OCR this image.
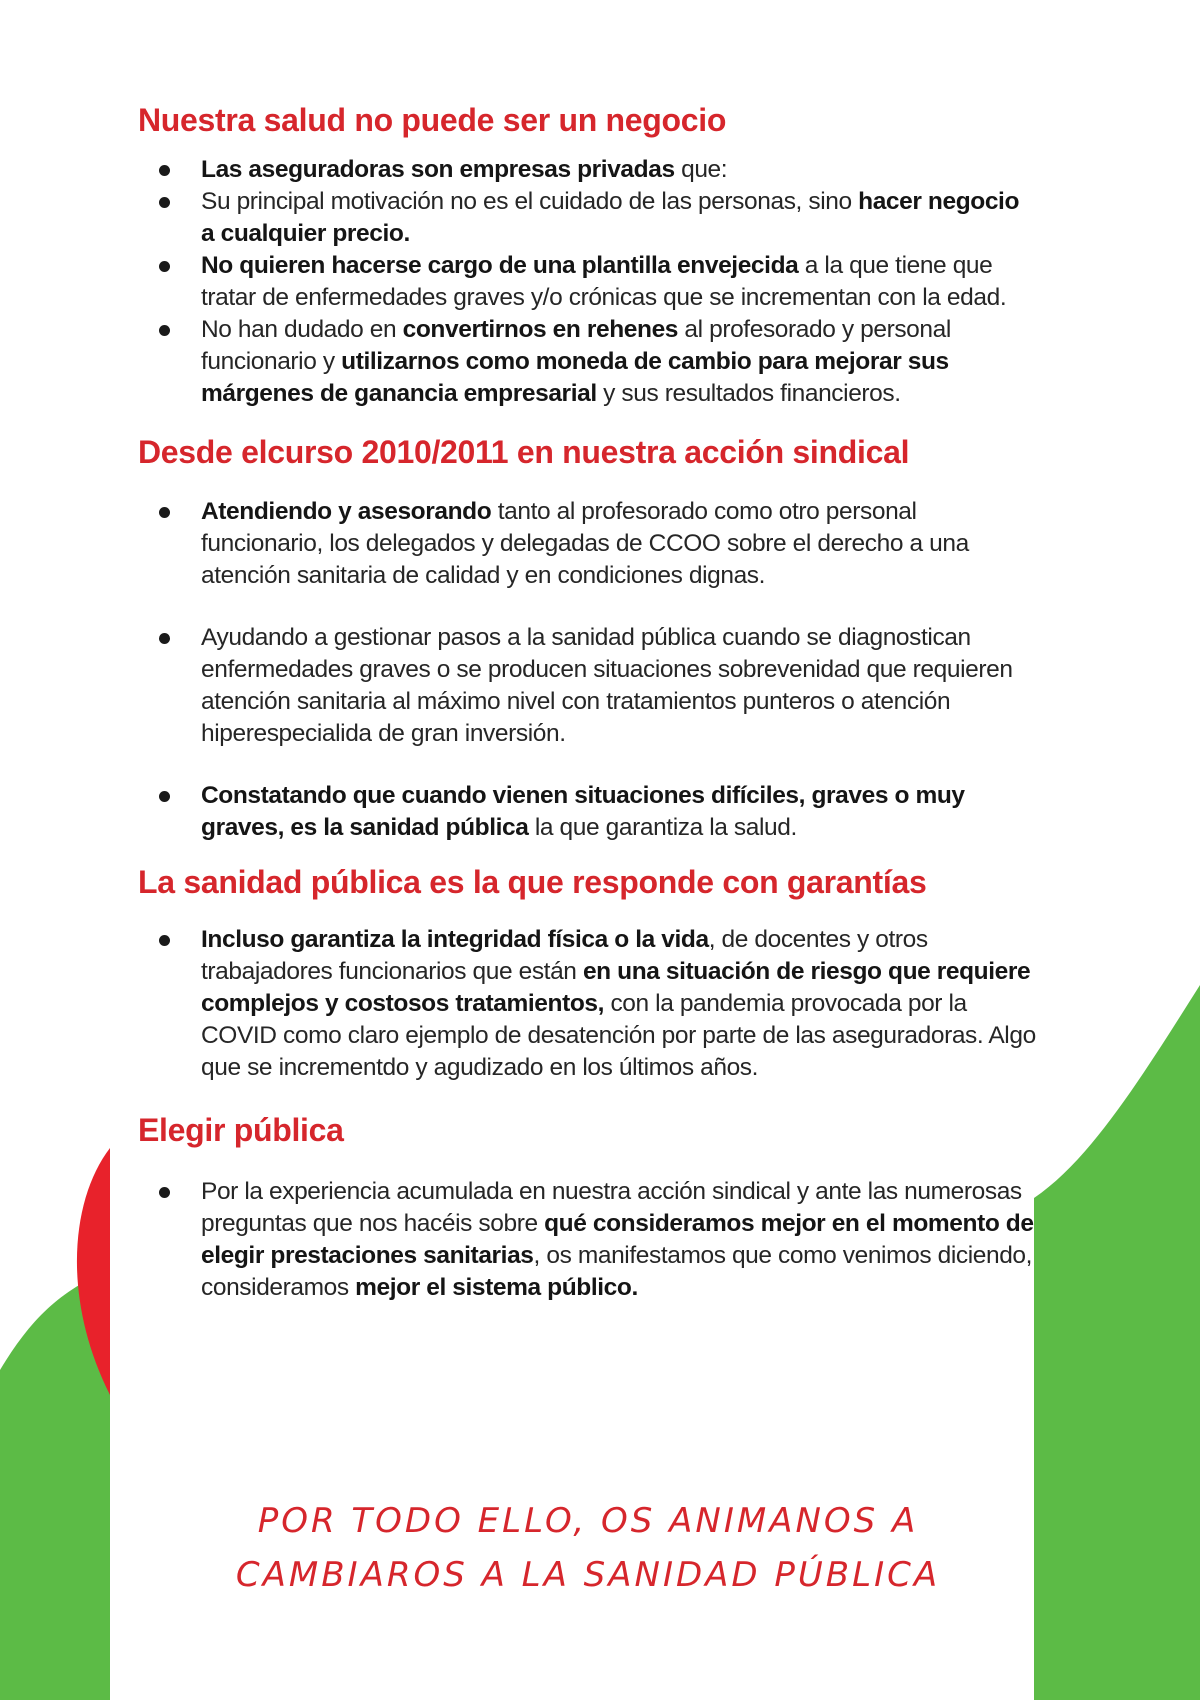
Nuestra salud no puede ser un negocio
Las aseguradoras son empresas privadas que:
Su principal motivación no es el cuidado de las personas, sino hacer negocio a cualquier precio.
No quieren hacerse cargo de una plantilla envejecida a la que tiene que tratar de enfermedades graves y/o crónicas que se incrementan con la edad.
No han dudado en convertirnos en rehenes al profesorado y personal funcionario y utilizarnos como moneda de cambio para mejorar sus márgenes de ganancia empresarial y sus resultados financieros.
Desde elcurso 2010/2011 en nuestra acción sindical
Atendiendo y asesorando tanto al profesorado como otro personal funcionario, los delegados y delegadas de CCOO sobre el derecho a una atención sanitaria de calidad y en condiciones dignas.
Ayudando a gestionar pasos a la sanidad pública cuando se diagnostican enfermedades graves o se producen situaciones sobrevenidad que requieren atención sanitaria al máximo nivel con tratamientos punteros o atención hiperespecialida de gran inversión.
Constatando que cuando vienen situaciones difíciles, graves o muy graves, es la sanidad pública la que garantiza la salud.
La sanidad pública es la que responde con garantías
Incluso garantiza la integridad física o la vida, de docentes y otros trabajadores funcionarios que están en una situación de riesgo que requiere complejos y costosos tratamientos, con la pandemia provocada por la COVID como claro ejemplo de desatención por parte de las aseguradoras. Algo que se incrementdo y agudizado en los últimos años.
Elegir pública
Por la experiencia acumulada en nuestra acción sindical y ante las numerosas preguntas que nos hacéis sobre qué consideramos mejor en el momento de elegir prestaciones sanitarias, os manifestamos que como venimos diciendo, consideramos mejor el sistema público.
POR TODO ELLO, OS ANIMANOS A
CAMBIAROS A LA SANIDAD PÚBLICA
